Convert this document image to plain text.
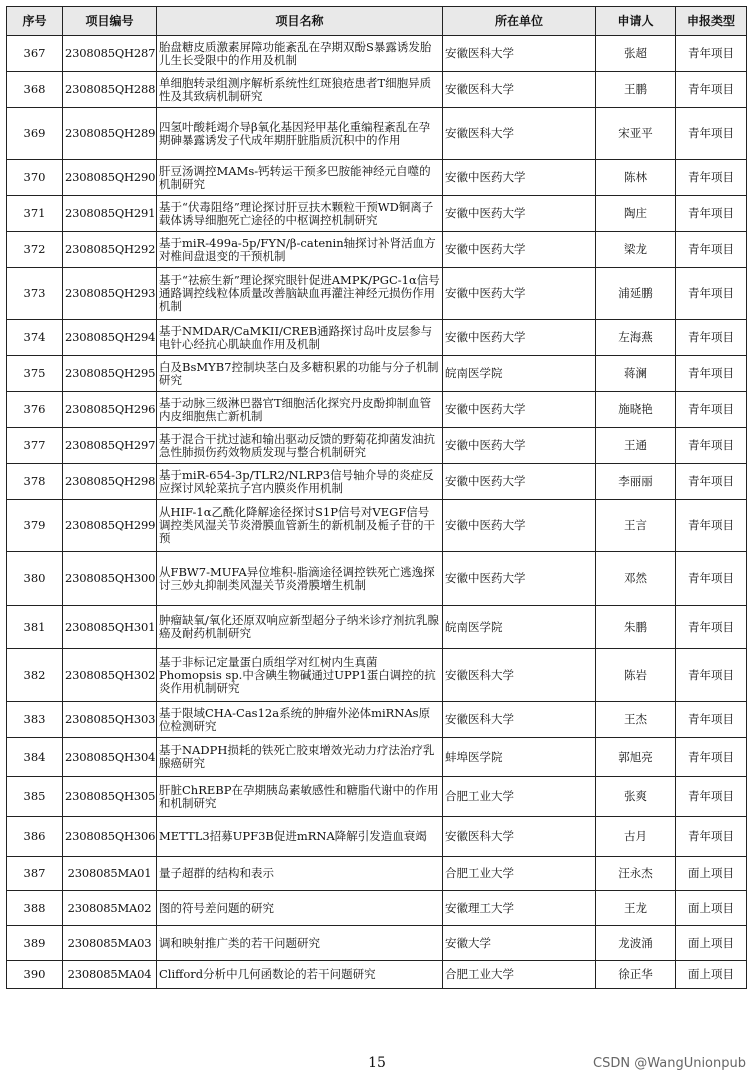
序号	项目编号	项目名称	所在单位	申请人	申报类型
367	2308085QH287	胎盘糖皮质激素屏障功能紊乱在孕期双酚S暴露诱发胎儿生长受限中的作用及机制	安徽医科大学	张超	青年项目
368	2308085QH288	单细胞转录组测序解析系统性红斑狼疮患者T细胞异质性及其致病机制研究	安徽医科大学	王鹏	青年项目
369	2308085QH289	四氢叶酸耗竭介导β氧化基因羟甲基化重编程紊乱在孕期砷暴露诱发子代成年期肝脏脂质沉积中的作用	安徽医科大学	宋亚平	青年项目
370	2308085QH290	肝豆汤调控MAMs-钙转运干预多巴胺能神经元自噬的机制研究	安徽中医药大学	陈林	青年项目
371	2308085QH291	基于“伏毒阻络”理论探讨肝豆扶木颗粒干预WD铜离子载体诱导细胞死亡途径的中枢调控机制研究	安徽中医药大学	陶庄	青年项目
372	2308085QH292	基于miR-499a-5p/FYN/β-catenin轴探讨补肾活血方对椎间盘退变的干预机制	安徽中医药大学	梁龙	青年项目
373	2308085QH293	基于“祛瘀生新”理论探究眼针促进AMPK/PGC-1α信号通路调控线粒体质量改善脑缺血再灌注神经元损伤作用机制	安徽中医药大学	浦延鹏	青年项目
374	2308085QH294	基于NMDAR/CaMKII/CREB通路探讨岛叶皮层参与电针心经抗心肌缺血作用及机制	安徽中医药大学	左海燕	青年项目
375	2308085QH295	白及BsMYB7控制块茎白及多糖积累的功能与分子机制研究	皖南医学院	蒋澜	青年项目
376	2308085QH296	基于动脉三级淋巴器官T细胞活化探究丹皮酚抑制血管内皮细胞焦亡新机制	安徽中医药大学	施晓艳	青年项目
377	2308085QH297	基于混合干扰过滤和输出驱动反馈的野菊花抑菌发油抗急性肺损伤药效物质发现与整合机制研究	安徽中医药大学	王通	青年项目
378	2308085QH298	基于miR-654-3p/TLR2/NLRP3信号轴介导的炎症反应探讨风轮菜抗子宫内膜炎作用机制	安徽中医药大学	李丽丽	青年项目
379	2308085QH299	从HIF-1α乙酰化降解途径探讨S1P信号对VEGF信号调控类风湿关节炎滑膜血管新生的新机制及栀子苷的干预	安徽中医药大学	王言	青年项目
380	2308085QH300	从FBW7-MUFA异位堆积-脂滴途径调控铁死亡逃逸探讨三妙丸抑制类风湿关节炎滑膜增生机制	安徽中医药大学	邓然	青年项目
381	2308085QH301	肿瘤缺氧/氧化还原双响应新型超分子纳米诊疗剂抗乳腺癌及耐药机制研究	皖南医学院	朱鹏	青年项目
382	2308085QH302	基于非标记定量蛋白质组学对红树内生真菌Phomopsis sp.中含碘生物碱通过UPP1蛋白调控的抗炎作用机制研究	安徽医科大学	陈岩	青年项目
383	2308085QH303	基于限域CHA-Cas12a系统的肿瘤外泌体miRNAs原位检测研究	安徽医科大学	王杰	青年项目
384	2308085QH304	基于NADPH损耗的铁死亡胶束增效光动力疗法治疗乳腺癌研究	蚌埠医学院	郭旭亮	青年项目
385	2308085QH305	肝脏ChREBP在孕期胰岛素敏感性和糖脂代谢中的作用和机制研究	合肥工业大学	张爽	青年项目
386	2308085QH306	METTL3招募UPF3B促进mRNA降解引发造血衰竭	安徽医科大学	古月	青年项目
387	2308085MA01	量子超群的结构和表示	合肥工业大学	汪永杰	面上项目
388	2308085MA02	图的符号差问题的研究	安徽理工大学	王龙	面上项目
389	2308085MA03	调和映射推广类的若干问题研究	安徽大学	龙波涌	面上项目
390	2308085MA04	Clifford分析中几何函数论的若干问题研究	合肥工业大学	徐正华	面上项目
15	CSDN @WangUnionpub
